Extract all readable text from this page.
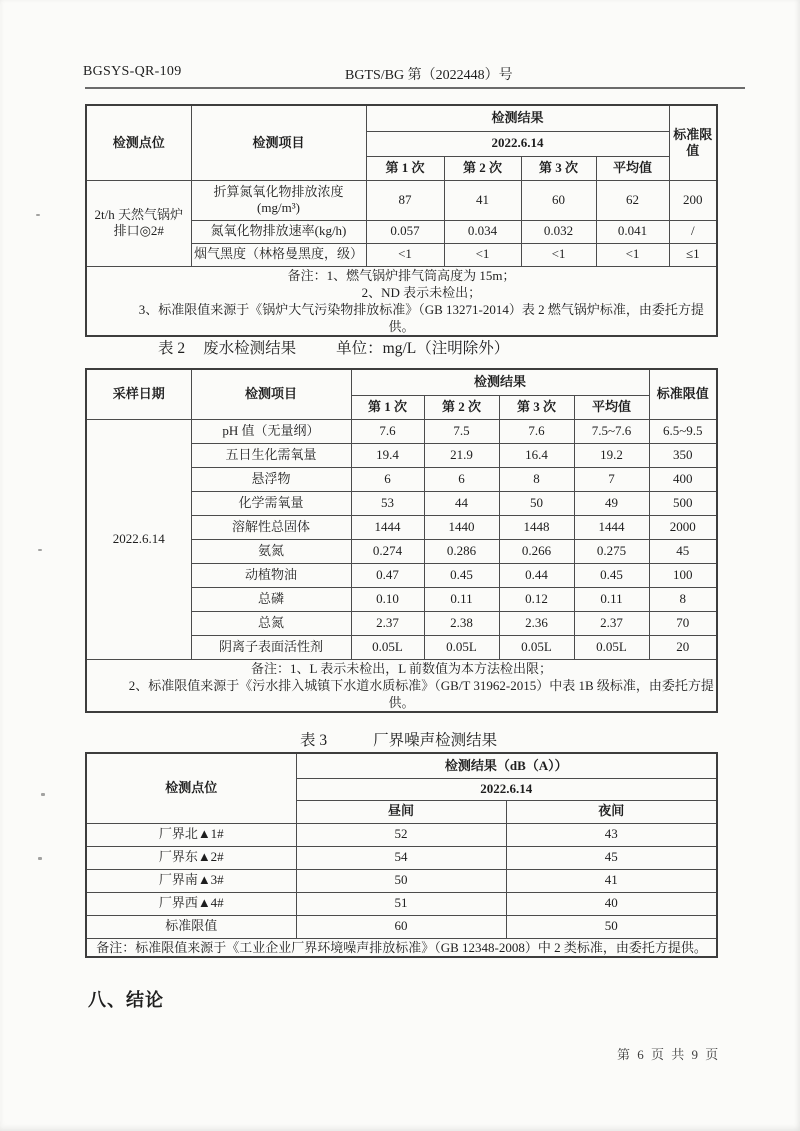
BGSYS-QR-109	BGTS/BG 第（2022448）号
检测点位	检测项目	检测结果				标准限值
		2022.6.14				
		第 1 次	第 2 次	第 3 次	平均值	
2t/h 天然气锅炉排口◎2#	折算氮氧化物排放浓度 (mg/m³)	87	41	60	62	200
	氮氧化物排放速率(kg/h)	0.057	0.034	0.032	0.041	/
	烟气黑度（林格曼黑度，级）	<1	<1	<1	<1	≤1

备注：1、燃气锅炉排气筒高度为 15m；
2、ND 表示未检出；
3、标准限值来源于《锅炉大气污染物排放标准》（GB 13271-2014）表 2 燃气锅炉标准，由委托方提供。						
表 2 废水检测结果	单位：mg/L（注明除外）
采样日期	检测项目	检测结果				标准限值
		第 1 次	第 2 次	第 3 次	平均值	
2022.6.14	pH 值（无量纲）	7.6	7.5	7.6	7.5~7.6	6.5~9.5
	五日生化需氧量	19.4	21.9	16.4	19.2	350
	悬浮物	6	6	8	7	400
	化学需氧量	53	44	50	49	500
	溶解性总固体	1444	1440	1448	1444	2000
	氨氮	0.274	0.286	0.266	0.275	45
	动植物油	0.47	0.45	0.44	0.45	100
	总磷	0.10	0.11	0.12	0.11	8
	总氮	2.37	2.38	2.36	2.37	70
	阴离子表面活性剂	0.05L	0.05L	0.05L	0.05L	20

备注：1、L 表示未检出，L 前数值为本方法检出限；
2、标准限值来源于《污水排入城镇下水道水质标准》（GB/T 31962-2015）中表 1B 级标准，由委托方提供。						
表 3	厂界噪声检测结果
检测点位	检测结果（dB（A））	
	2022.6.14	
	昼间	夜间
厂界北▲1#	52	43
厂界东▲2#	54	45
厂界南▲3#	50	41
厂界西▲4#	51	40
标准限值	60	50

备注：标准限值来源于《工业企业厂界环境噪声排放标准》（GB 12348-2008）中 2 类标准，由委托方提供。		
八、结论
第 6 页 共 9 页
